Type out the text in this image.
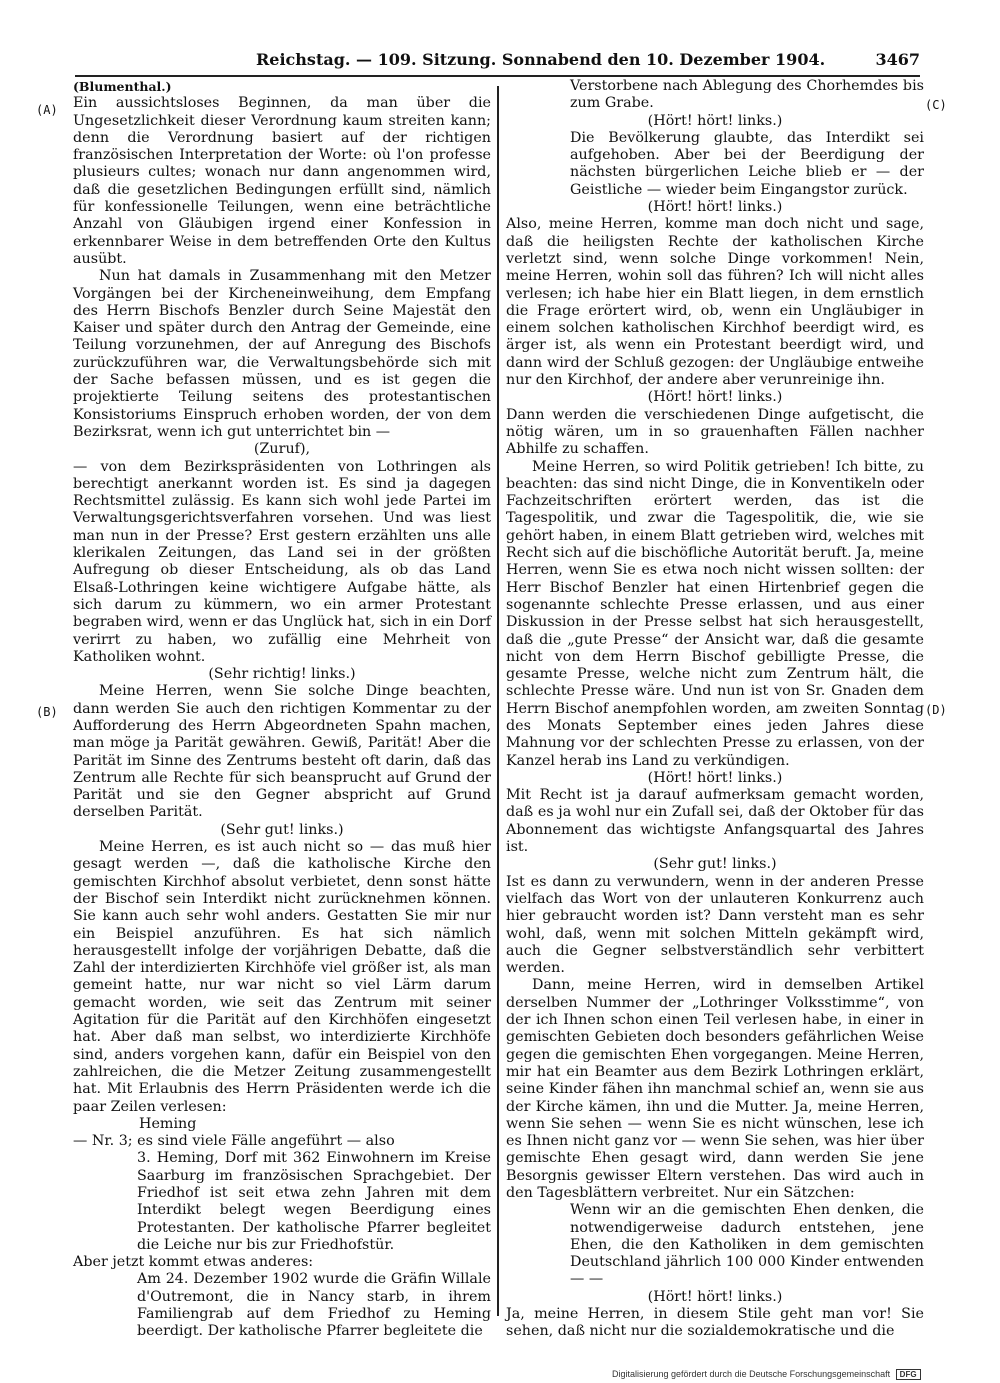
Reichstag. — 109. Sitzung. Sonnabend den 10. Dezember 1904.	3467
(A)
(B)
(C)
(D)

(Blumenthal.)

Ein aussichtsloses Beginnen, da man über die Ungesetzlichkeit dieser Verordnung kaum streiten kann; denn die Verordnung basiert auf der richtigen französischen Interpretation der Worte: où l'on professe plusieurs cultes; wonach nur dann angenommen wird, daß die gesetzlichen Bedingungen erfüllt sind, nämlich für konfessionelle Teilungen, wenn eine beträchtliche Anzahl von Gläubigen irgend einer Konfession in erkennbarer Weise in dem betreffenden Orte den Kultus ausübt.

Nun hat damals in Zusammenhang mit den Metzer Vorgängen bei der Kircheneinweihung, dem Empfang des Herrn Bischofs Benzler durch Seine Majestät den Kaiser und später durch den Antrag der Gemeinde, eine Teilung vorzunehmen, der auf Anregung des Bischofs zurückzuführen war, die Verwaltungsbehörde sich mit der Sache befassen müssen, und es ist gegen die projektierte Teilung seitens des protestantischen Konsistoriums Einspruch erhoben worden, der von dem Bezirksrat, wenn ich gut unterrichtet bin —

(Zuruf),

— von dem Bezirkspräsidenten von Lothringen als berechtigt anerkannt worden ist. Es sind ja dagegen Rechtsmittel zulässig. Es kann sich wohl jede Partei im Verwaltungsgerichtsverfahren vorsehen. Und was liest man nun in der Presse? Erst gestern erzählten uns alle klerikalen Zeitungen, das Land sei in der größten Aufregung ob dieser Entscheidung, als ob das Land Elsaß-Lothringen keine wichtigere Aufgabe hätte, als sich darum zu kümmern, wo ein armer Protestant begraben wird, wenn er das Unglück hat, sich in ein Dorf verirrt zu haben, wo zufällig eine Mehrheit von Katholiken wohnt.

(Sehr richtig! links.)

Meine Herren, wenn Sie solche Dinge beachten, dann werden Sie auch den richtigen Kommentar zu der Aufforderung des Herrn Abgeordneten Spahn machen, man möge ja Parität gewähren. Gewiß, Parität! Aber die Parität im Sinne des Zentrums besteht oft darin, daß das Zentrum alle Rechte für sich beansprucht auf Grund der Parität und sie den Gegner abspricht auf Grund derselben Parität.

(Sehr gut! links.)

Meine Herren, es ist auch nicht so — das muß hier gesagt werden —, daß die katholische Kirche den gemischten Kirchhof absolut verbietet, denn sonst hätte der Bischof sein Interdikt nicht zurücknehmen können. Sie kann auch sehr wohl anders. Gestatten Sie mir nur ein Beispiel anzuführen. Es hat sich nämlich herausgestellt infolge der vorjährigen Debatte, daß die Zahl der interdizierten Kirchhöfe viel größer ist, als man gemeint hatte, nur war nicht so viel Lärm darum gemacht worden, wie seit das Zentrum mit seiner Agitation für die Parität auf den Kirchhöfen eingesetzt hat. Aber daß man selbst, wo interdizierte Kirchhöfe sind, anders vorgehen kann, dafür ein Beispiel von den zahlreichen, die die Metzer Zeitung zusammengestellt hat. Mit Erlaubnis des Herrn Präsidenten werde ich die paar Zeilen verlesen:

Heming

— Nr. 3; es sind viele Fälle angeführt — also

3. Heming, Dorf mit 362 Einwohnern im Kreise Saarburg im französischen Sprachgebiet. Der Friedhof ist seit etwa zehn Jahren mit dem Interdikt belegt wegen Beerdigung eines Protestanten. Der katholische Pfarrer begleitet die Leiche nur bis zur Friedhofstür.

Aber jetzt kommt etwas anderes:

Am 24. Dezember 1902 wurde die Gräfin Willale d'Outremont, die in Nancy starb, in ihrem Familiengrab auf dem Friedhof zu Heming beerdigt. Der katholische Pfarrer begleitete die

Verstorbene nach Ablegung des Chorhemdes bis zum Grabe.

(Hört! hört! links.)

Die Bevölkerung glaubte, das Interdikt sei aufgehoben. Aber bei der Beerdigung der nächsten bürgerlichen Leiche blieb er — der Geistliche — wieder beim Eingangstor zurück.

(Hört! hört! links.)

Also, meine Herren, komme man doch nicht und sage, daß die heiligsten Rechte der katholischen Kirche verletzt sind, wenn solche Dinge vorkommen! Nein, meine Herren, wohin soll das führen? Ich will nicht alles verlesen; ich habe hier ein Blatt liegen, in dem ernstlich die Frage erörtert wird, ob, wenn ein Ungläubiger in einem solchen katholischen Kirchhof beerdigt wird, es ärger ist, als wenn ein Protestant beerdigt wird, und dann wird der Schluß gezogen: der Ungläubige entweihe nur den Kirchhof, der andere aber verunreinige ihn.

(Hört! hört! links.)

Dann werden die verschiedenen Dinge aufgetischt, die nötig wären, um in so grauenhaften Fällen nachher Abhilfe zu schaffen.

Meine Herren, so wird Politik getrieben! Ich bitte, zu beachten: das sind nicht Dinge, die in Konventikeln oder Fachzeitschriften erörtert werden, das ist die Tagespolitik, und zwar die Tagespolitik, die, wie sie gehört haben, in einem Blatt getrieben wird, welches mit Recht sich auf die bischöfliche Autorität beruft. Ja, meine Herren, wenn Sie es etwa noch nicht wissen sollten: der Herr Bischof Benzler hat einen Hirtenbrief gegen die sogenannte schlechte Presse erlassen, und aus einer Diskussion in der Presse selbst hat sich herausgestellt, daß die „gute Presse“ der Ansicht war, daß die gesamte nicht von dem Herrn Bischof gebilligte Presse, die gesamte Presse, welche nicht zum Zentrum hält, die schlechte Presse wäre. Und nun ist von Sr. Gnaden dem Herrn Bischof anempfohlen worden, am zweiten Sonntag des Monats September eines jeden Jahres diese Mahnung vor der schlechten Presse zu erlassen, von der Kanzel herab ins Land zu verkündigen.

(Hört! hört! links.)

Mit Recht ist ja darauf aufmerksam gemacht worden, daß es ja wohl nur ein Zufall sei, daß der Oktober für das Abonnement das wichtigste Anfangsquartal des Jahres ist.

(Sehr gut! links.)

Ist es dann zu verwundern, wenn in der anderen Presse vielfach das Wort von der unlauteren Konkurrenz auch hier gebraucht worden ist? Dann versteht man es sehr wohl, daß, wenn mit solchen Mitteln gekämpft wird, auch die Gegner selbstverständlich sehr verbittert werden.

Dann, meine Herren, wird in demselben Artikel derselben Nummer der „Lothringer Volksstimme“, von der ich Ihnen schon einen Teil verlesen habe, in einer in gemischten Gebieten doch besonders gefährlichen Weise gegen die gemischten Ehen vorgegangen. Meine Herren, mir hat ein Beamter aus dem Bezirk Lothringen erklärt, seine Kinder fähen ihn manchmal schief an, wenn sie aus der Kirche kämen, ihn und die Mutter. Ja, meine Herren, wenn Sie sehen — wenn Sie es nicht wünschen, lese ich es Ihnen nicht ganz vor — wenn Sie sehen, was hier über gemischte Ehen gesagt wird, dann werden Sie jene Besorgnis gewisser Eltern verstehen. Das wird auch in den Tagesblättern verbreitet. Nur ein Sätzchen:

Wenn wir an die gemischten Ehen denken, die notwendigerweise dadurch entstehen, jene Ehen, die den Katholiken in dem gemischten Deutschland jährlich 100 000 Kinder entwenden — —

(Hört! hört! links.)

Ja, meine Herren, in diesem Stile geht man vor! Sie sehen, daß nicht nur die sozialdemokratische und die

Digitalisierung gefördert durch die Deutsche Forschungsgemeinschaft DFG
